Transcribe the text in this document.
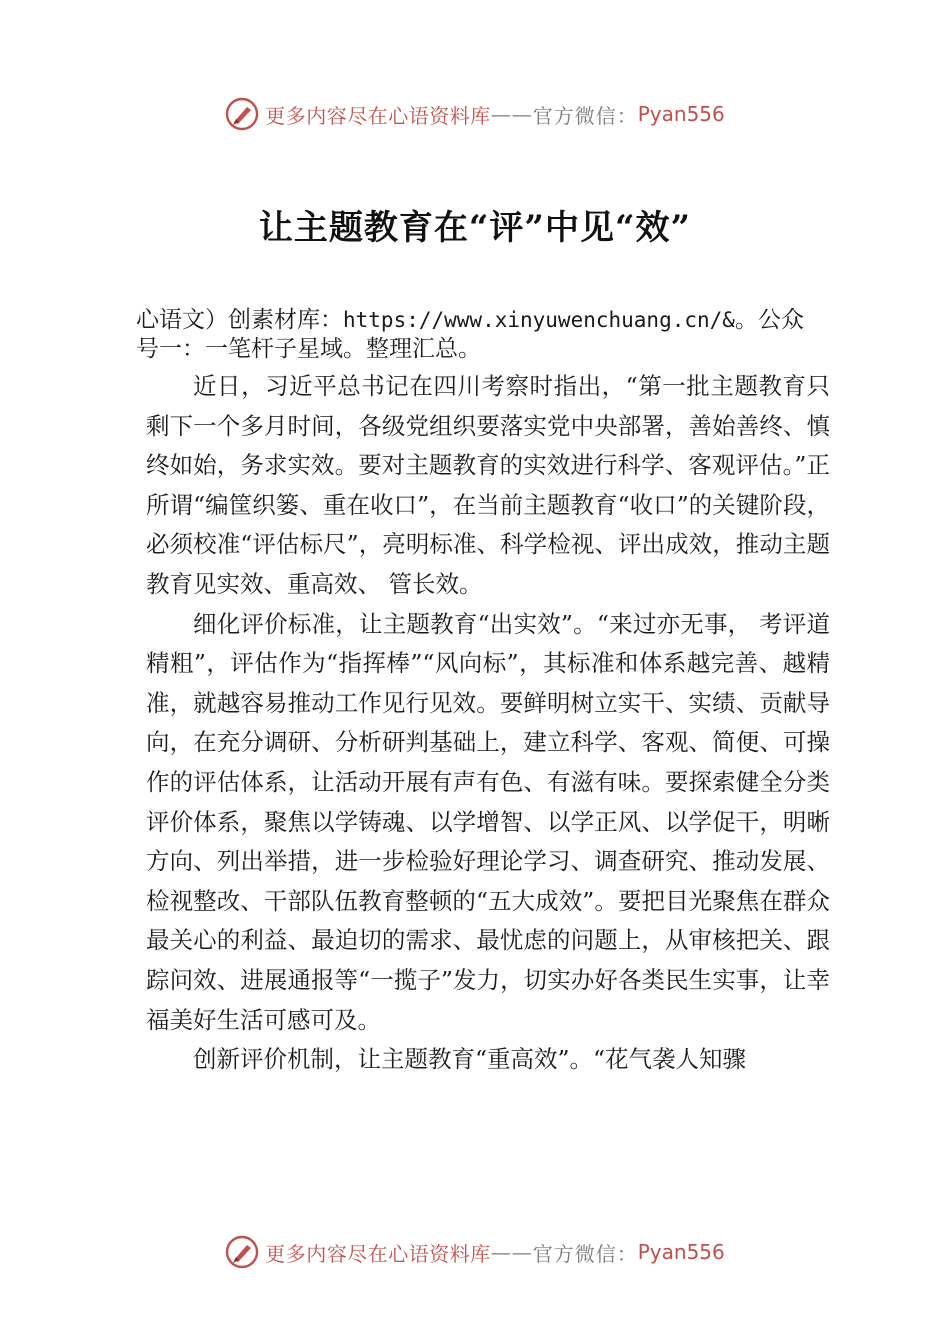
更多内容尽在心语资料库 —— 官方微信： Pyan556
让主题教育在“评”中见“效”

心语文）创素材库：https://www.xinyuwenchuang.cn/&。公众号一：一笔杆子星域。整理汇总。

近日，习近平总书记在四川考察时指出，“第一批主题教育只剩下一个多月时间，各级党组织要落实党中央部署，善始善终、慎终如始，务求实效。要对主题教育的实效进行科学、客观评估。”正所谓“编筐织篓、重在收口”，在当前主题教育“收口”的关键阶段，必须校准“评估标尺”，亮明标准、科学检视、评出成效，推动主题教育见实效、重高效、 管长效。

细化评价标准，让主题教育“出实效”。“来过亦无事， 考评道精粗”，评估作为“指挥棒”“风向标”，其标准和体系越完善、越精准，就越容易推动工作见行见效。要鲜明树立实干、实绩、贡献导向，在充分调研、分析研判基础上，建立科学、客观、简便、可操作的评估体系，让活动开展有声有色、有滋有味。要探索健全分类评价体系，聚焦以学铸魂、以学增智、以学正风、以学促干，明晰方向、列出举措，进一步检验好理论学习、调查研究、推动发展、检视整改、干部队伍教育整顿的“五大成效”。要把目光聚焦在群众最关心的利益、最迫切的需求、最忧虑的问题上，从审核把关、跟踪问效、进展通报等“一揽子”发力，切实办好各类民生实事，让幸福美好生活可感可及。

创新评价机制，让主题教育“重高效”。“花气袭人知骤

更多内容尽在心语资料库 —— 官方微信： Pyan556
